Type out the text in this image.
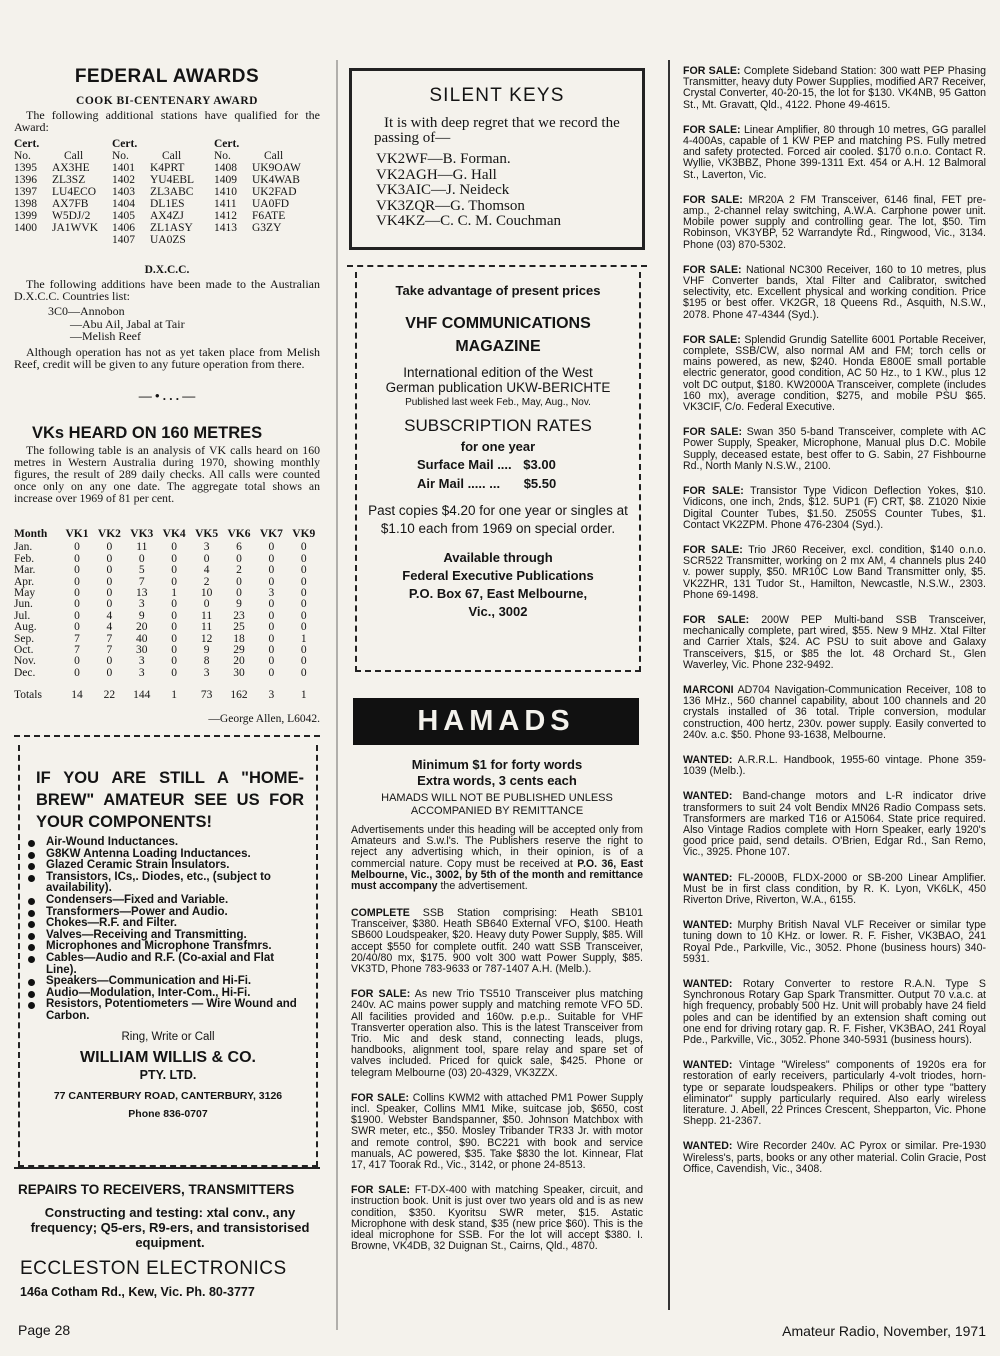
FEDERAL AWARDS
COOK BI-CENTENARY AWARD
The following additional stations have qualified for the Award:
Cert.		Cert.		Cert.	
No.	Call	No.	Call	No.	Call
1395	AX3HE	1401	K4PRT	1408	UK9OAW
1396	ZL3SZ	1402	YU4EBL	1409	UK4WAB
1397	LU4ECO	1403	ZL3ABC	1410	UK2FAD
1398	AX7FB	1404	DL1ES	1411	UA0FD
1399	W5DJ/2	1405	AX4ZJ	1412	F6ATE
1400	JA1WVK	1406	ZL1ASY	1413	G3ZY
		1407	UA0ZS		
D.X.C.C.
The following additions have been made to the Australian D.X.C.C. Countries list:
3C0—Annobon
—Abu Ail, Jabal at Tair
—Melish Reef
Although operation has not as yet taken place from Melish Reef, credit will be given to any future operation from there.
— • . . . —
VKs HEARD ON 160 METRES
The following table is an analysis of VK calls heard on 160 metres in Western Australia during 1970, showing monthly figures, the result of 289 daily checks. All calls were counted once only on any one date. The aggregate total shows an increase over 1969 of 81 per cent.
Month	VK1	VK2	VK3	VK4	VK5	VK6	VK7	VK9
Jan.	0	0	11	0	3	6	0	0
Feb.	0	0	0	0	0	0	0	0
Mar.	0	0	5	0	4	2	0	0
Apr.	0	0	7	0	2	0	0	0
May	0	0	13	1	10	0	3	0
Jun.	0	0	3	0	0	9	0	0
Jul.	0	4	9	0	11	23	0	0
Aug.	0	4	20	0	11	25	0	0
Sep.	7	7	40	0	12	18	0	1
Oct.	7	7	30	0	9	29	0	0
Nov.	0	0	3	0	8	20	0	0
Dec.	0	0	3	0	3	30	0	0
Totals	14	22	144	1	73	162	3	1
—George Allen, L6042.
IF YOU ARE STILL A "HOME-BREW" AMATEUR SEE US FOR YOUR COMPONENTS!
Air-Wound Inductances.
G8KW Antenna Loading Inductances.
Glazed Ceramic Strain Insulators.
Transistors, ICs,. Diodes, etc., (subject to availability).
Condensers—Fixed and Variable.
Transformers—Power and Audio.
Chokes—R.F. and Filter.
Valves—Receiving and Transmitting.
Microphones and Microphone Transfmrs.
Cables—Audio and R.F. (Co-axial and Flat Line).
Speakers—Communication and Hi-Fi.
Audio—Modulation, Inter-Com., Hi-Fi.
Resistors, Potentiometers — Wire Wound and Carbon.
Ring, Write or Call
WILLIAM WILLIS & CO.
PTY. LTD.
77 CANTERBURY ROAD, CANTERBURY, 3126
Phone 836-0707
REPAIRS TO RECEIVERS, TRANSMITTERS
Constructing and testing: xtal conv., any frequency; Q5-ers, R9-ers, and transistorised equipment.
ECCLESTON ELECTRONICS
146a Cotham Rd., Kew, Vic. Ph. 80-3777
Page 28
SILENT KEYS
It is with deep regret that we record the passing of—
VK2WF—B. Forman.
VK2AGH—G. Hall
VK3AIC—J. Neideck
VK3ZQR—G. Thomson
VK4KZ—C. C. M. Couchman
Take advantage of present prices
VHF COMMUNICATIONS
MAGAZINE
International edition of the West
German publication UKW-BERICHTE
Published last week Feb., May, Aug., Nov.
SUBSCRIPTION RATES
for one year
Surface Mail .... $3.00
Air Mail ..... ... $5.50
Past copies $4.20 for one year or singles at $1.10 each from 1969 on special order.
Available through
Federal Executive Publications
P.O. Box 67, East Melbourne,
Vic., 3002
HAMADS
Minimum $1 for forty words
Extra words, 3 cents each
HAMADS WILL NOT BE PUBLISHED UNLESS
ACCOMPANIED BY REMITTANCE
Advertisements under this heading will be accepted only from Amateurs and S.w.l's. The Publishers reserve the right to reject any advertising which, in their opinion, is of a commercial nature. Copy must be received at P.O. 36, East Melbourne, Vic., 3002, by 5th of the month and remittance must accompany the advertisement.
COMPLETE SSB Station comprising: Heath SB101 Transceiver, $380. Heath SB640 External VFO, $100. Heath SB600 Loudspeaker, $20. Heavy duty Power Supply, $85. Will accept $550 for complete outfit. 240 watt SSB Transceiver, 20/40/80 mx, $175. 900 volt 300 watt Power Supply, $85. VK3TD, Phone 783-9633 or 787-1407 A.H. (Melb.).
FOR SALE: As new Trio TS510 Transceiver plus matching 240v. AC mains power supply and matching remote VFO 5D. All facilities provided and 160w. p.e.p.. Suitable for VHF Transverter operation also. This is the latest Transceiver from Trio. Mic and desk stand, connecting leads, plugs, handbooks, alignment tool, spare relay and spare set of valves included. Priced for quick sale, $425. Phone or telegram Melbourne (03) 20-4329, VK3ZZX.
FOR SALE: Collins KWM2 with attached PM1 Power Supply incl. Speaker, Collins MM1 Mike, suitcase job, $650, cost $1900. Webster Bandspanner, $50. Johnson Matchbox with SWR meter, etc., $50. Mosley Tribander TR33 Jr. with motor and remote control, $90. BC221 with book and service manuals, AC powered, $35. Take $830 the lot. Kinnear, Flat 17, 417 Toorak Rd., Vic., 3142, or phone 24-8513.
FOR SALE: FT-DX-400 with matching Speaker, circuit, and instruction book. Unit is just over two years old and is as new condition, $350. Kyoritsu SWR meter, $15. Astatic Microphone with desk stand, $35 (new price $60). This is the ideal microphone for SSB. For the lot will accept $380. I. Browne, VK4DB, 32 Duignan St., Cairns, Qld., 4870.
FOR SALE: Complete Sideband Station: 300 watt PEP Phasing Transmitter, heavy duty Power Supplies, modified AR7 Receiver, Crystal Converter, 40-20-15, the lot for $130. VK4NB, 95 Gatton St., Mt. Gravatt, Qld., 4122. Phone 49-4615.
FOR SALE: Linear Amplifier, 80 through 10 metres, GG parallel 4-400As, capable of 1 KW PEP and matching PS. Fully metred and safety protected. Forced air cooled. $170 o.n.o. Contact R. Wyllie, VK3BBZ, Phone 399-1311 Ext. 454 or A.H. 12 Balmoral St., Laverton, Vic.
FOR SALE: MR20A 2 FM Transceiver, 6146 final, FET pre-amp., 2-channel relay switching, A.W.A. Carphone power unit. Mobile power supply and controlling gear. The lot, $50. Tim Robinson, VK3YBP, 52 Warrandyte Rd., Ringwood, Vic., 3134. Phone (03) 870-5302.
FOR SALE: National NC300 Receiver, 160 to 10 metres, plus VHF Converter bands, Xtal Filter and Calibrator, switched selectivity, etc. Excellent physical and working condition. Price $195 or best offer. VK2GR, 18 Queens Rd., Asquith, N.S.W., 2078. Phone 47-4344 (Syd.).
FOR SALE: Splendid Grundig Satellite 6001 Portable Receiver, complete, SSB/CW, also normal AM and FM; torch cells or mains powered, as new, $240. Honda E800E small portable electric generator, good condition, AC 50 Hz., to 1 KW., plus 12 volt DC output, $180. KW2000A Transceiver, complete (includes 160 mx), average condition, $275, and mobile PSU $65. VK3CIF, C/o. Federal Executive.
FOR SALE: Swan 350 5-band Transceiver, complete with AC Power Supply, Speaker, Microphone, Manual plus D.C. Mobile Supply, deceased estate, best offer to G. Sabin, 27 Fishbourne Rd., North Manly N.S.W., 2100.
FOR SALE: Transistor Type Vidicon Deflection Yokes, $10. Vidicons, one inch, 2nds, $12. 5UP1 (F) CRT, $8. Z1020 Nixie Digital Counter Tubes, $1.50. Z505S Counter Tubes, $1. Contact VK2ZPM. Phone 476-2304 (Syd.).
FOR SALE: Trio JR60 Receiver, excl. condition, $140 o.n.o. SCR522 Transmitter, working on 2 mx AM, 4 channels plus 240 v. power supply, $50. MR10C Low Band Transmitter only, $5. VK2ZHR, 131 Tudor St., Hamilton, Newcastle, N.S.W., 2303. Phone 69-1498.
FOR SALE: 200W PEP Multi-band SSB Transceiver, mechanically complete, part wired, $55. New 9 MHz. Xtal Filter and Carrier Xtals, $24. AC PSU to suit above and Galaxy Transceivers, $15, or $85 the lot. 48 Orchard St., Glen Waverley, Vic. Phone 232-9492.
MARCONI AD704 Navigation-Communication Receiver, 108 to 136 MHz., 560 channel capability, about 100 channels and 20 crystals installed of 36 total. Triple conversion, modular construction, 400 hertz, 230v. power supply. Easily converted to 240v. a.c. $50. Phone 93-1638, Melbourne.
WANTED: A.R.R.L. Handbook, 1955-60 vintage. Phone 359-1039 (Melb.).
WANTED: Band-change motors and L-R indicator drive transformers to suit 24 volt Bendix MN26 Radio Compass sets. Transformers are marked T16 or A15064. State price required. Also Vintage Radios complete with Horn Speaker, early 1920's good price paid, send details. O'Brien, Edgar Rd., San Remo, Vic., 3925. Phone 107.
WANTED: FL-2000B, FLDX-2000 or SB-200 Linear Amplifier. Must be in first class condition, by R. K. Lyon, VK6LK, 450 Riverton Drive, Riverton, W.A., 6155.
WANTED: Murphy British Naval VLF Receiver or similar type tuning down to 10 KHz. or lower. R. F. Fisher, VK3BAO, 241 Royal Pde., Parkville, Vic., 3052. Phone (business hours) 340-5931.
WANTED: Rotary Converter to restore R.A.N. Type S Synchronous Rotary Gap Spark Transmitter. Output 70 v.a.c. at high frequency, probably 500 Hz. Unit will probably have 24 field poles and can be identified by an extension shaft coming out one end for driving rotary gap. R. F. Fisher, VK3BAO, 241 Royal Pde., Parkville, Vic., 3052. Phone 340-5931 (business hours).
WANTED: Vintage "Wireless" components of 1920s era for restoration of early receivers, particularly 4-volt triodes, horn-type or separate loudspeakers. Philips or other type "battery eliminator" supply particularly required. Also early wireless literature. J. Abell, 22 Princes Crescent, Shepparton, Vic. Phone Shepp. 21-2367.
WANTED: Wire Recorder 240v. AC Pyrox or similar. Pre-1930 Wireless's, parts, books or any other material. Colin Gracie, Post Office, Cavendish, Vic., 3408.
Amateur Radio, November, 1971
